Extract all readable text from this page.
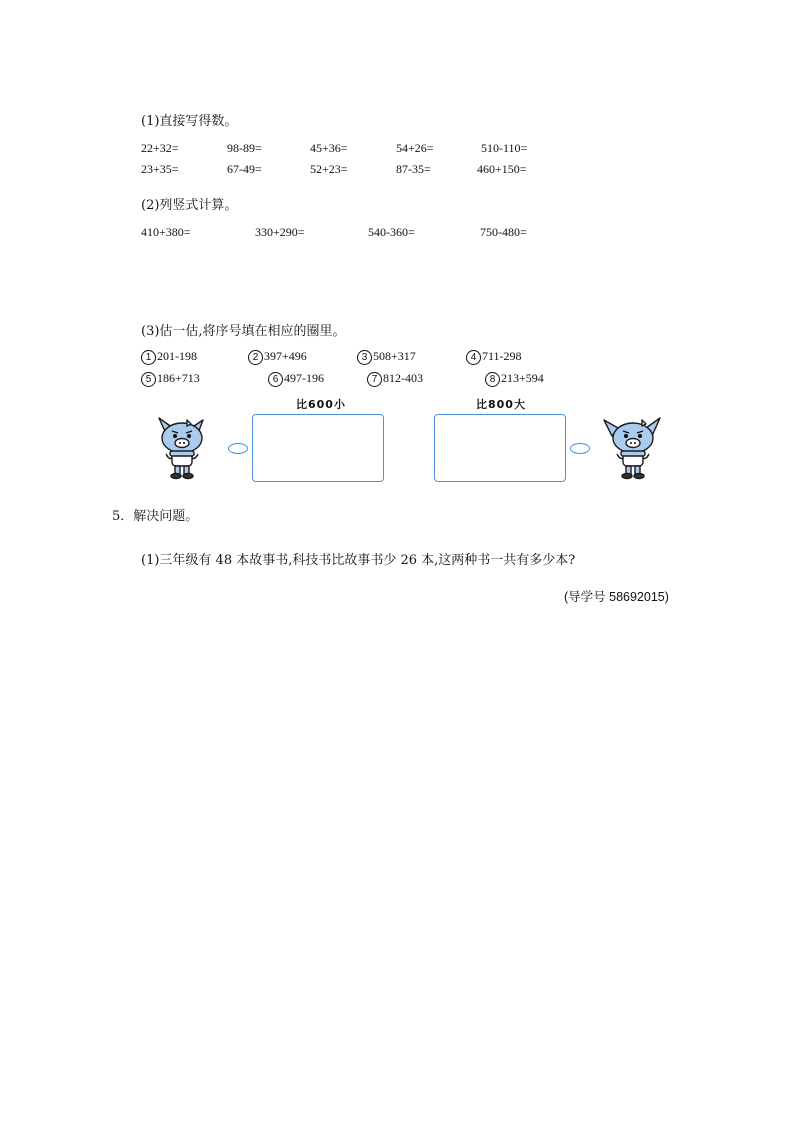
(1)直接写得数。
22+32=	98-89=	45+36=	54+26=	510-110=
23+35=	67-49=	52+23=	87-35=	460+150=
(2)列竖式计算。
410+380=	330+290=	540-360=	750-480=
(3)估一估,将序号填在相应的圈里。
1 201-198	2 397+496	3 508+317	4 711-298
5 186+713	6 497-196	7 812-403	8 213+594
比600小	比800大
5．解决问题。
(1)三年级有 48 本故事书,科技书比故事书少 26 本,这两种书一共有多少本?
(导学号 58692015)
